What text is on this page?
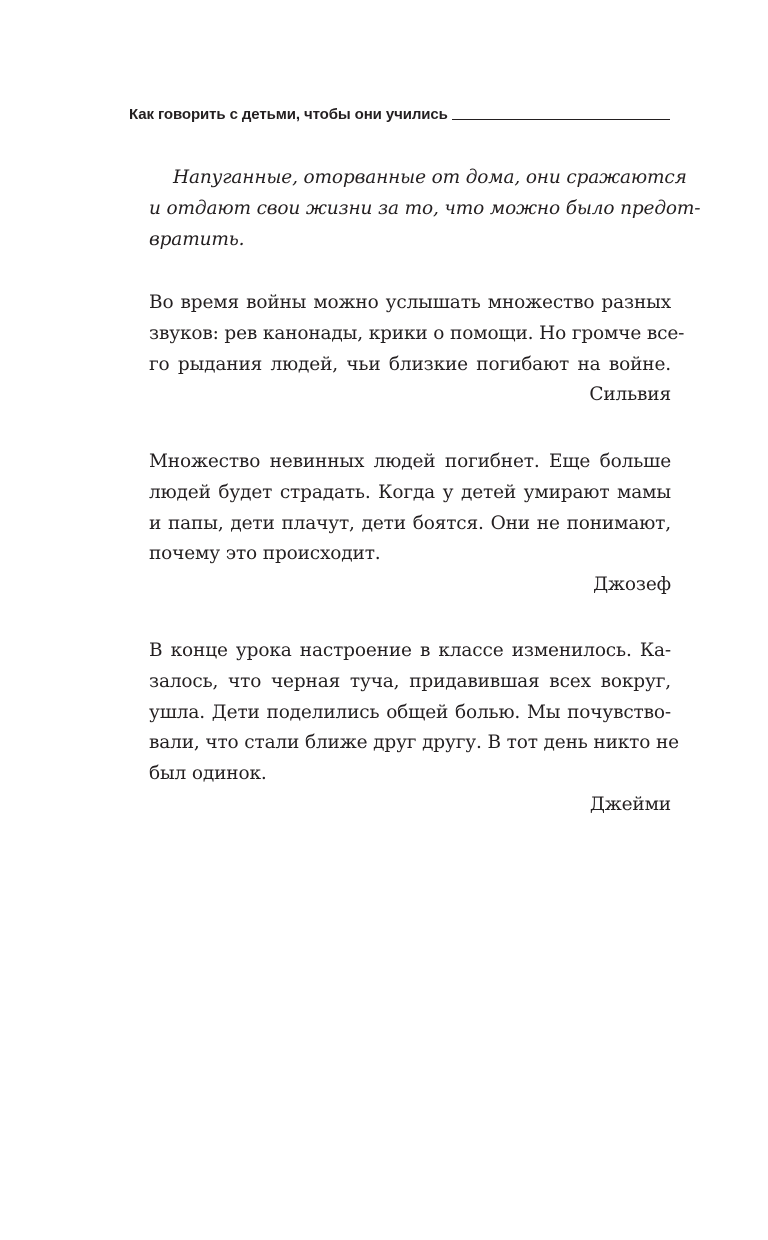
Как говорить с детьми, чтобы они учились
Напуганные, оторванные от дома, они сражаются
и отдают свои жизни за то, что можно было предот-
вратить.
Во время войны можно услышать множество разных
звуков: рев канонады, крики о помощи. Но громче все-
го рыдания людей, чьи близкие погибают на войне.
Сильвия
Множество невинных людей погибнет. Еще больше
людей будет страдать. Когда у детей умирают мамы
и папы, дети плачут, дети боятся. Они не понимают,
почему это происходит.
Джозеф
В конце урока настроение в классе изменилось. Ка-
залось, что черная туча, придавившая всех вокруг,
ушла. Дети поделились общей болью. Мы почувство-
вали, что стали ближе друг другу. В тот день никто не
был одинок.
Джейми
